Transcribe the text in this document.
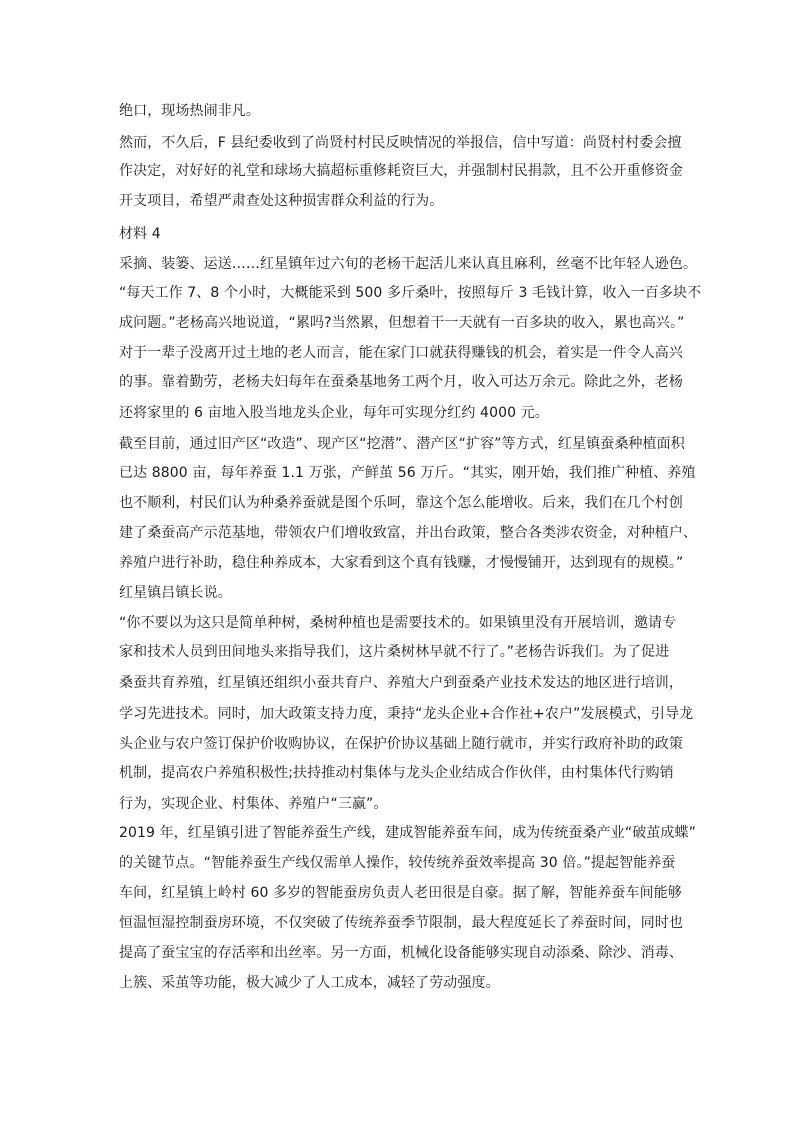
绝口，现场热闹非凡。
然而，不久后，F 县纪委收到了尚贤村村民反映情况的举报信，信中写道：尚贤村村委会擅
作决定，对好好的礼堂和球场大搞超标重修耗资巨大，并强制村民捐款，且不公开重修资金
开支项目，希望严肃查处这种损害群众利益的行为。
材料 4
采摘、装篓、运送……红星镇年过六旬的老杨干起活儿来认真且麻利，丝毫不比年轻人逊色。
“每天工作 7、8 个小时，大概能采到 500 多斤桑叶，按照每斤 3 毛钱计算，收入一百多块不
成问题。”老杨高兴地说道，“累吗?当然累，但想着干一天就有一百多块的收入，累也高兴。”
对于一辈子没离开过土地的老人而言，能在家门口就获得赚钱的机会，着实是一件令人高兴
的事。靠着勤劳，老杨夫妇每年在蚕桑基地务工两个月，收入可达万余元。除此之外，老杨
还将家里的 6 亩地入股当地龙头企业，每年可实现分红约 4000 元。
截至目前，通过旧产区“改造”、现产区“挖潜”、潜产区“扩容”等方式，红星镇蚕桑种植面积
已达 8800 亩，每年养蚕 1.1 万张，产鲜茧 56 万斤。“其实，刚开始，我们推广种植、养殖
也不顺利，村民们认为种桑养蚕就是图个乐呵，靠这个怎么能增收。后来，我们在几个村创
建了桑蚕高产示范基地，带领农户们增收致富，并出台政策，整合各类涉农资金，对种植户、
养殖户进行补助，稳住种养成本，大家看到这个真有钱赚，才慢慢铺开，达到现有的规模。”
红星镇吕镇长说。
“你不要以为这只是简单种树，桑树种植也是需要技术的。如果镇里没有开展培训，邀请专
家和技术人员到田间地头来指导我们，这片桑树林早就不行了。”老杨告诉我们。为了促进
桑蚕共育养殖，红星镇还组织小蚕共育户、养殖大户到蚕桑产业技术发达的地区进行培训，
学习先进技术。同时，加大政策支持力度，秉持“龙头企业+合作社+农户”发展模式，引导龙
头企业与农户签订保护价收购协议，在保护价协议基础上随行就市，并实行政府补助的政策
机制，提高农户养殖积极性;扶持推动村集体与龙头企业结成合作伙伴，由村集体代行购销
行为，实现企业、村集体、养殖户“三赢”。
2019 年，红星镇引进了智能养蚕生产线，建成智能养蚕车间，成为传统蚕桑产业“破茧成蝶”
的关键节点。“智能养蚕生产线仅需单人操作，较传统养蚕效率提高 30 倍。”提起智能养蚕
车间，红星镇上岭村 60 多岁的智能蚕房负责人老田很是自豪。据了解，智能养蚕车间能够
恒温恒湿控制蚕房环境，不仅突破了传统养蚕季节限制，最大程度延长了养蚕时间，同时也
提高了蚕宝宝的存活率和出丝率。另一方面，机械化设备能够实现自动添桑、除沙、消毒、
上簇、采茧等功能，极大减少了人工成本，减轻了劳动强度。
